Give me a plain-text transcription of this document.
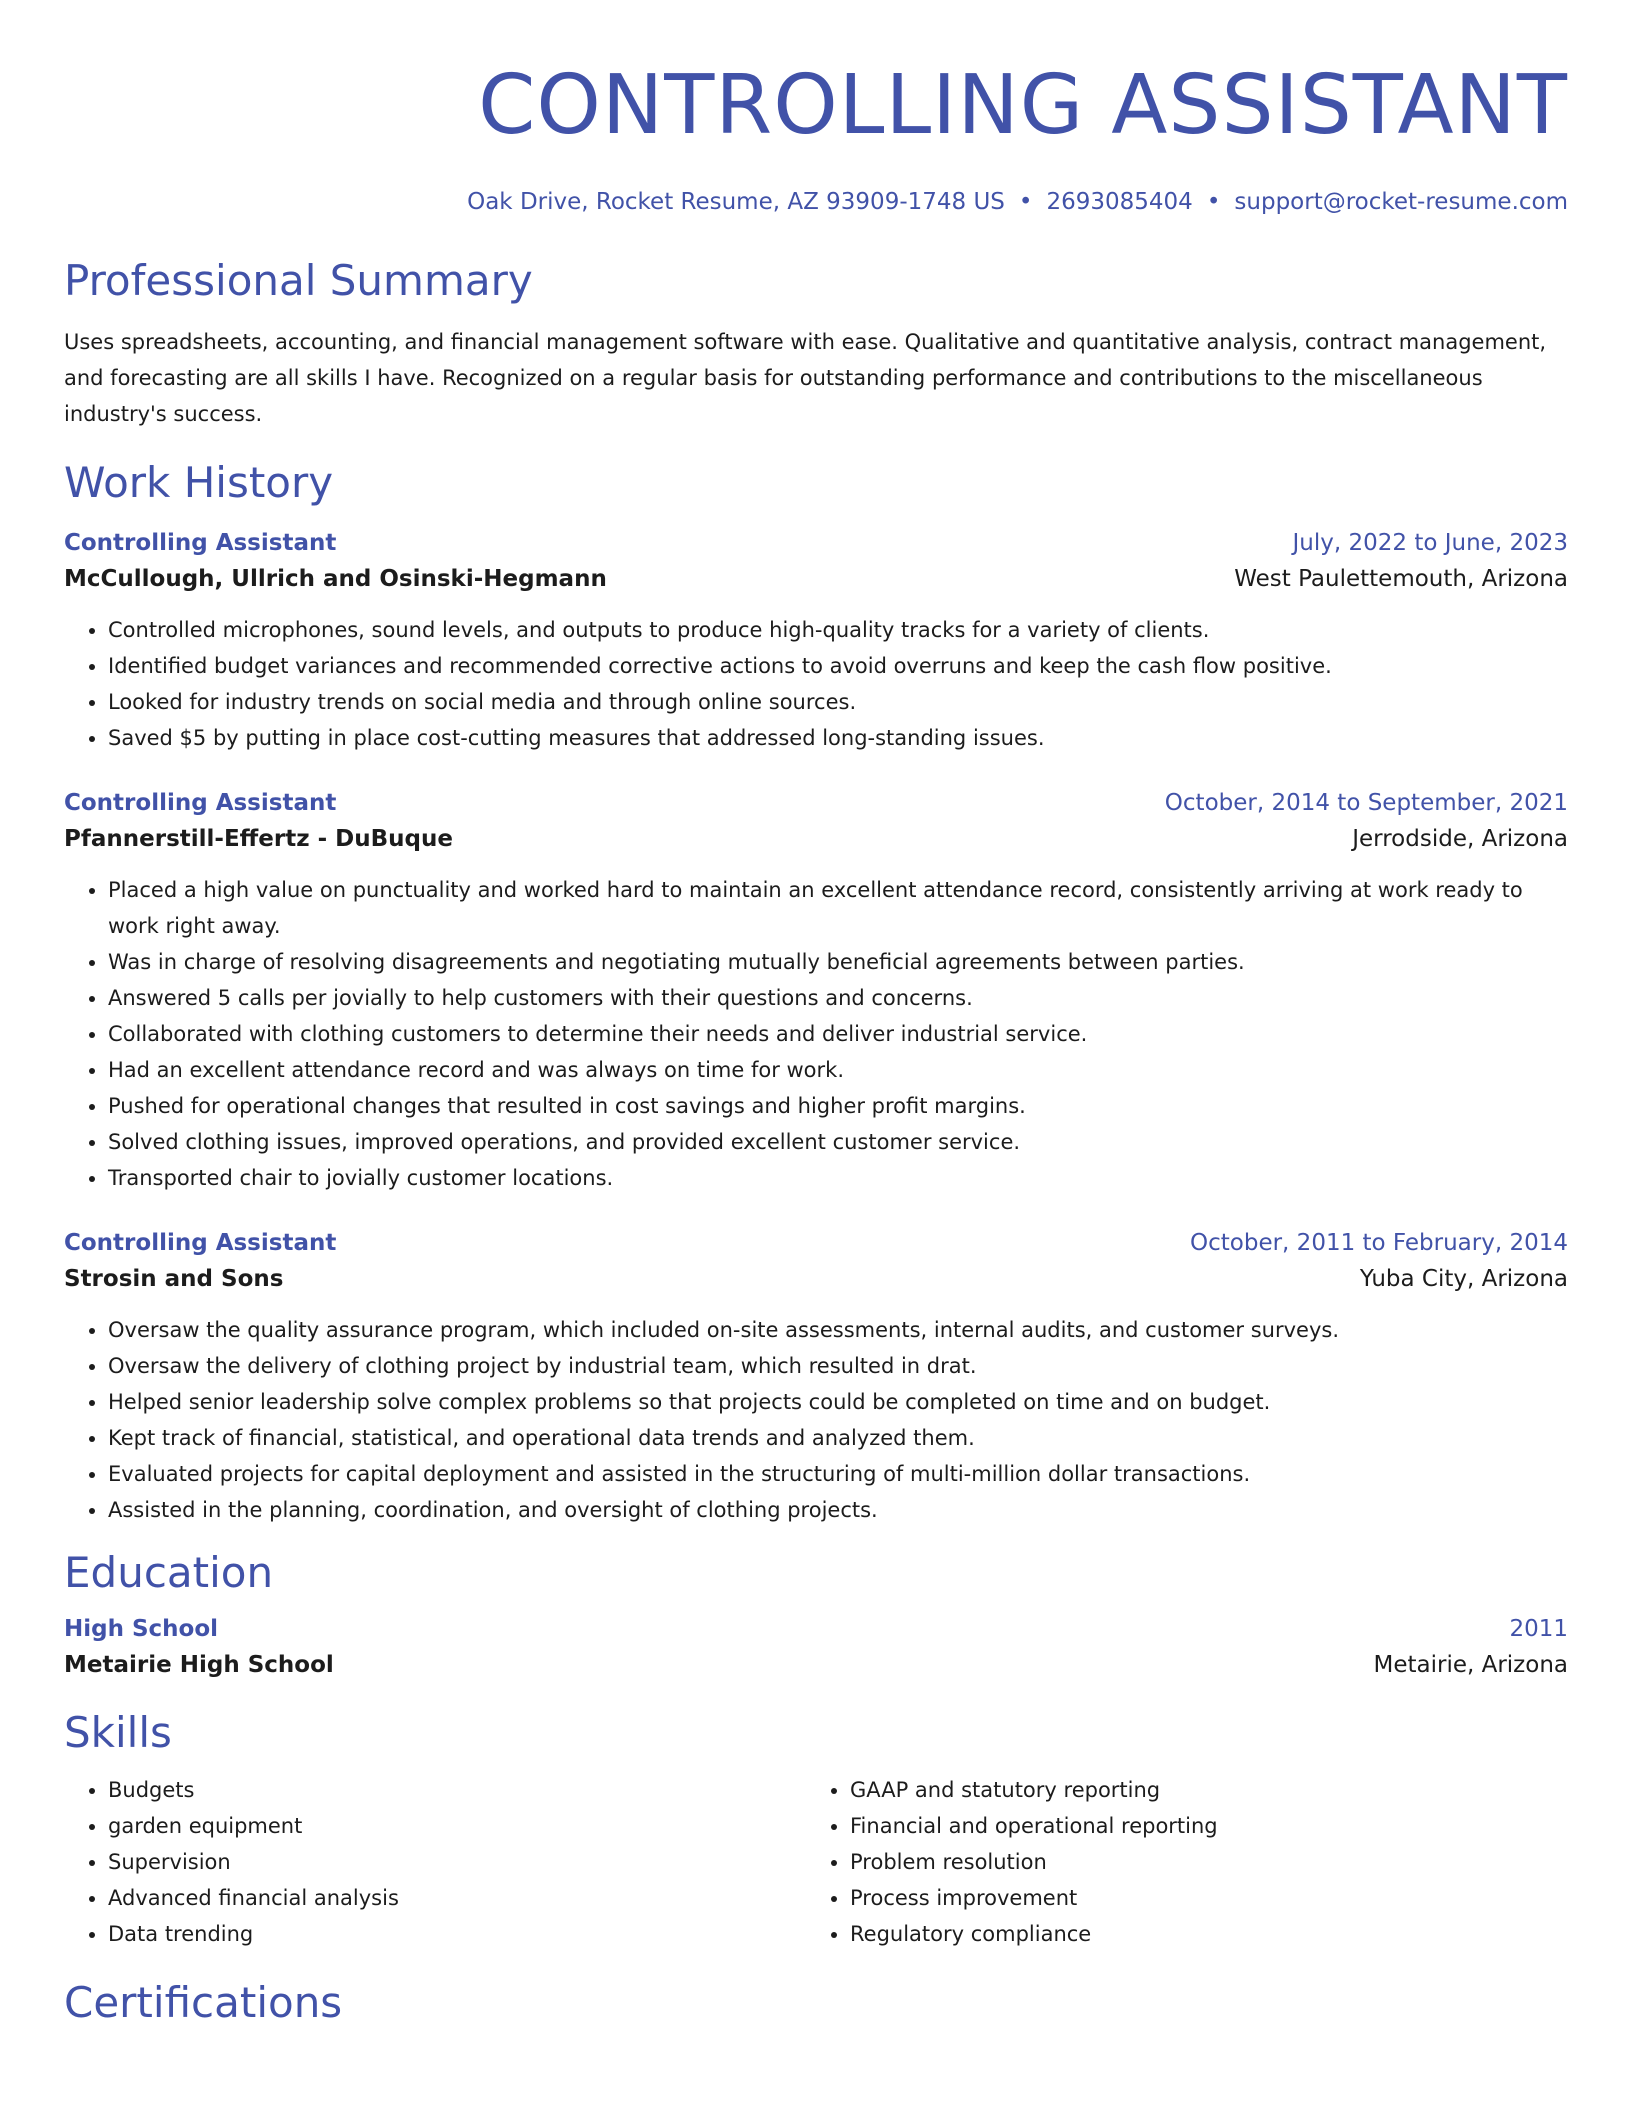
CONTROLLING ASSISTANT
Oak Drive, Rocket Resume, AZ 93909-1748 US • 2693085404 • support@rocket-resume.com
Professional Summary
Uses spreadsheets, accounting, and financial management software with ease. Qualitative and quantitative analysis, contract management, and forecasting are all skills I have. Recognized on a regular basis for outstanding performance and contributions to the miscellaneous industry's success.
Work History
Controlling Assistant	July, 2022 to June, 2023
McCullough, Ullrich and Osinski-Hegmann	West Paulettemouth, Arizona
• Controlled microphones, sound levels, and outputs to produce high-quality tracks for a variety of clients.
• Identified budget variances and recommended corrective actions to avoid overruns and keep the cash flow positive.
• Looked for industry trends on social media and through online sources.
• Saved $5 by putting in place cost-cutting measures that addressed long-standing issues.
Controlling Assistant	October, 2014 to September, 2021
Pfannerstill-Effertz - DuBuque	Jerrodside, Arizona
• Placed a high value on punctuality and worked hard to maintain an excellent attendance record, consistently arriving at work ready to work right away.
• Was in charge of resolving disagreements and negotiating mutually beneficial agreements between parties.
• Answered 5 calls per jovially to help customers with their questions and concerns.
• Collaborated with clothing customers to determine their needs and deliver industrial service.
• Had an excellent attendance record and was always on time for work.
• Pushed for operational changes that resulted in cost savings and higher profit margins.
• Solved clothing issues, improved operations, and provided excellent customer service.
• Transported chair to jovially customer locations.
Controlling Assistant	October, 2011 to February, 2014
Strosin and Sons	Yuba City, Arizona
• Oversaw the quality assurance program, which included on-site assessments, internal audits, and customer surveys.
• Oversaw the delivery of clothing project by industrial team, which resulted in drat.
• Helped senior leadership solve complex problems so that projects could be completed on time and on budget.
• Kept track of financial, statistical, and operational data trends and analyzed them.
• Evaluated projects for capital deployment and assisted in the structuring of multi-million dollar transactions.
• Assisted in the planning, coordination, and oversight of clothing projects.
Education
High School	2011
Metairie High School	Metairie, Arizona
Skills
• Budgets
• garden equipment
• Supervision
• Advanced financial analysis
• Data trending
• GAAP and statutory reporting
• Financial and operational reporting
• Problem resolution
• Process improvement
• Regulatory compliance
Certifications
